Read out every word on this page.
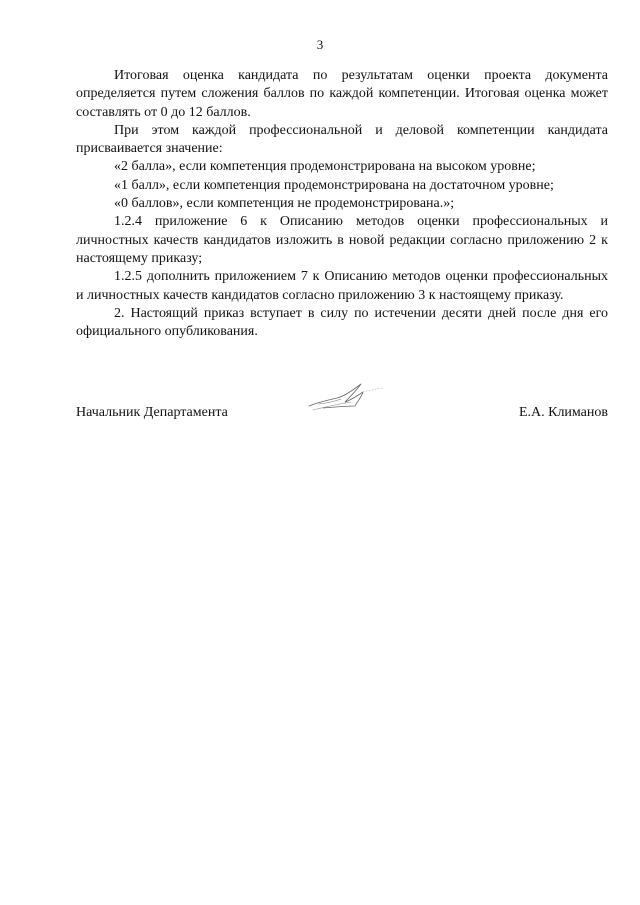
3

Итоговая оценка кандидата по результатам оценки проекта документа определяется путем сложения баллов по каждой компетенции. Итоговая оценка может составлять от 0 до 12 баллов.

При этом каждой профессиональной и деловой компетенции кандидата присваивается значение:

«2 балла», если компетенция продемонстрирована на высоком уровне;

«1 балл», если компетенция продемонстрирована на достаточном уровне;

«0 баллов», если компетенция не продемонстрирована.»;

1.2.4 приложение 6 к Описанию методов оценки профессиональных и личностных качеств кандидатов изложить в новой редакции согласно приложению 2 к настоящему приказу;

1.2.5 дополнить приложением 7 к Описанию методов оценки профессиональных и личностных качеств кандидатов согласно приложению 3 к настоящему приказу.

2. Настоящий приказ вступает в силу по истечении десяти дней после дня его официального опубликования.

Начальник Департамента	Е.А. Климанов
